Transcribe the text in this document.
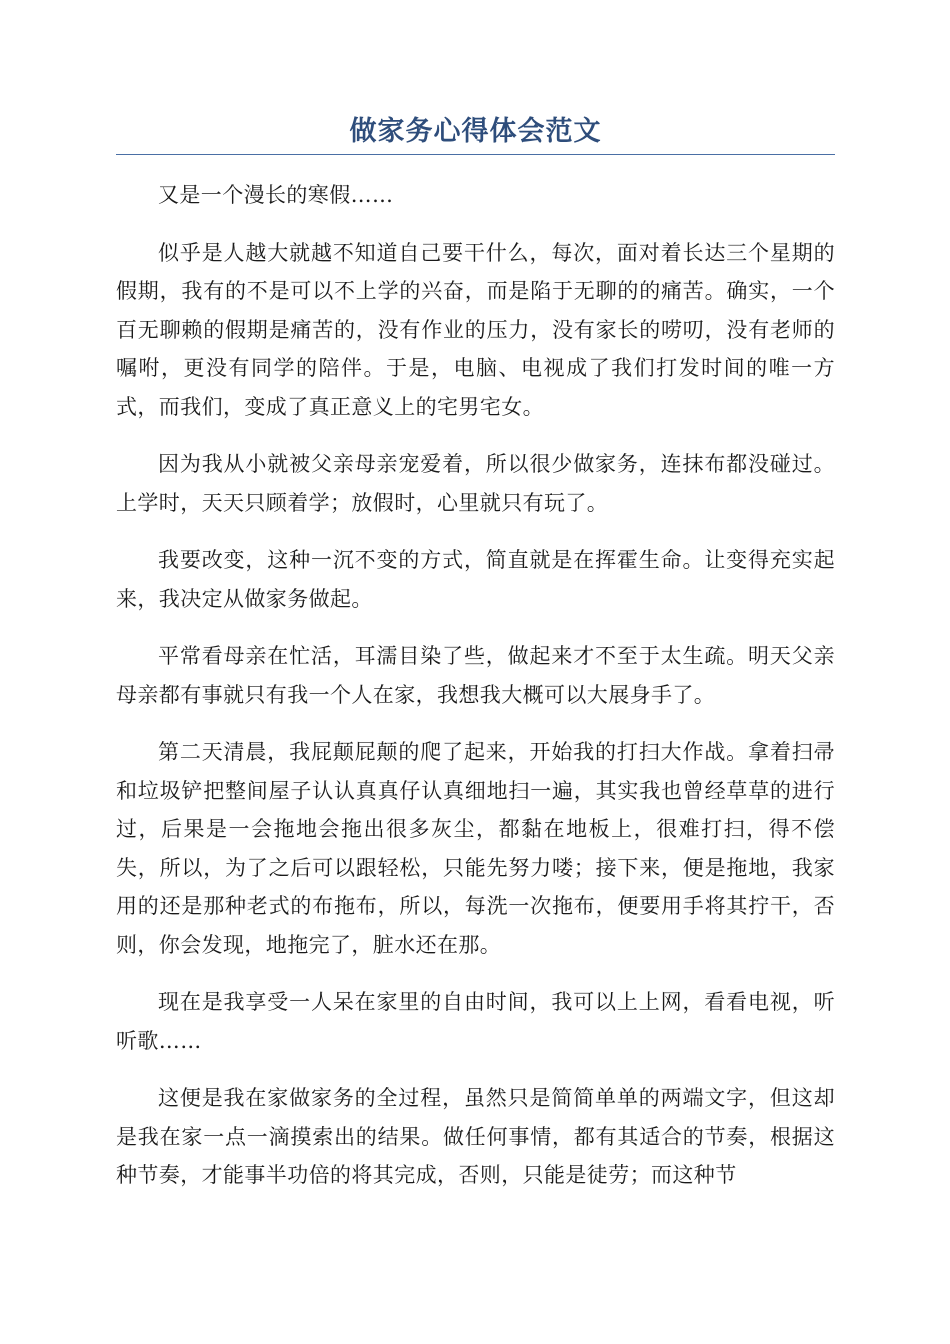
做家务心得体会范文

又是一个漫长的寒假……

似乎是人越大就越不知道自己要干什么，每次，面对着长达三个星期的假期，我有的不是可以不上学的兴奋，而是陷于无聊的的痛苦。确实，一个百无聊赖的假期是痛苦的，没有作业的压力，没有家长的唠叨，没有老师的嘱咐，更没有同学的陪伴。于是，电脑、电视成了我们打发时间的唯一方式，而我们，变成了真正意义上的宅男宅女。

因为我从小就被父亲母亲宠爱着，所以很少做家务，连抹布都没碰过。上学时，天天只顾着学；放假时，心里就只有玩了。

我要改变，这种一沉不变的方式，简直就是在挥霍生命。让变得充实起来，我决定从做家务做起。

平常看母亲在忙活，耳濡目染了些，做起来才不至于太生疏。明天父亲母亲都有事就只有我一个人在家，我想我大概可以大展身手了。

第二天清晨，我屁颠屁颠的爬了起来，开始我的打扫大作战。拿着扫帚和垃圾铲把整间屋子认认真真仔认真细地扫一遍，其实我也曾经草草的进行过，后果是一会拖地会拖出很多灰尘，都黏在地板上，很难打扫，得不偿失，所以，为了之后可以跟轻松，只能先努力喽；接下来，便是拖地，我家用的还是那种老式的布拖布，所以，每洗一次拖布，便要用手将其拧干，否则，你会发现，地拖完了，脏水还在那。

现在是我享受一人呆在家里的自由时间，我可以上上网，看看电视，听听歌……

这便是我在家做家务的全过程，虽然只是简简单单的两端文字，但这却是我在家一点一滴摸索出的结果。做任何事情，都有其适合的节奏，根据这种节奏，才能事半功倍的将其完成，否则，只能是徒劳；而这种节
